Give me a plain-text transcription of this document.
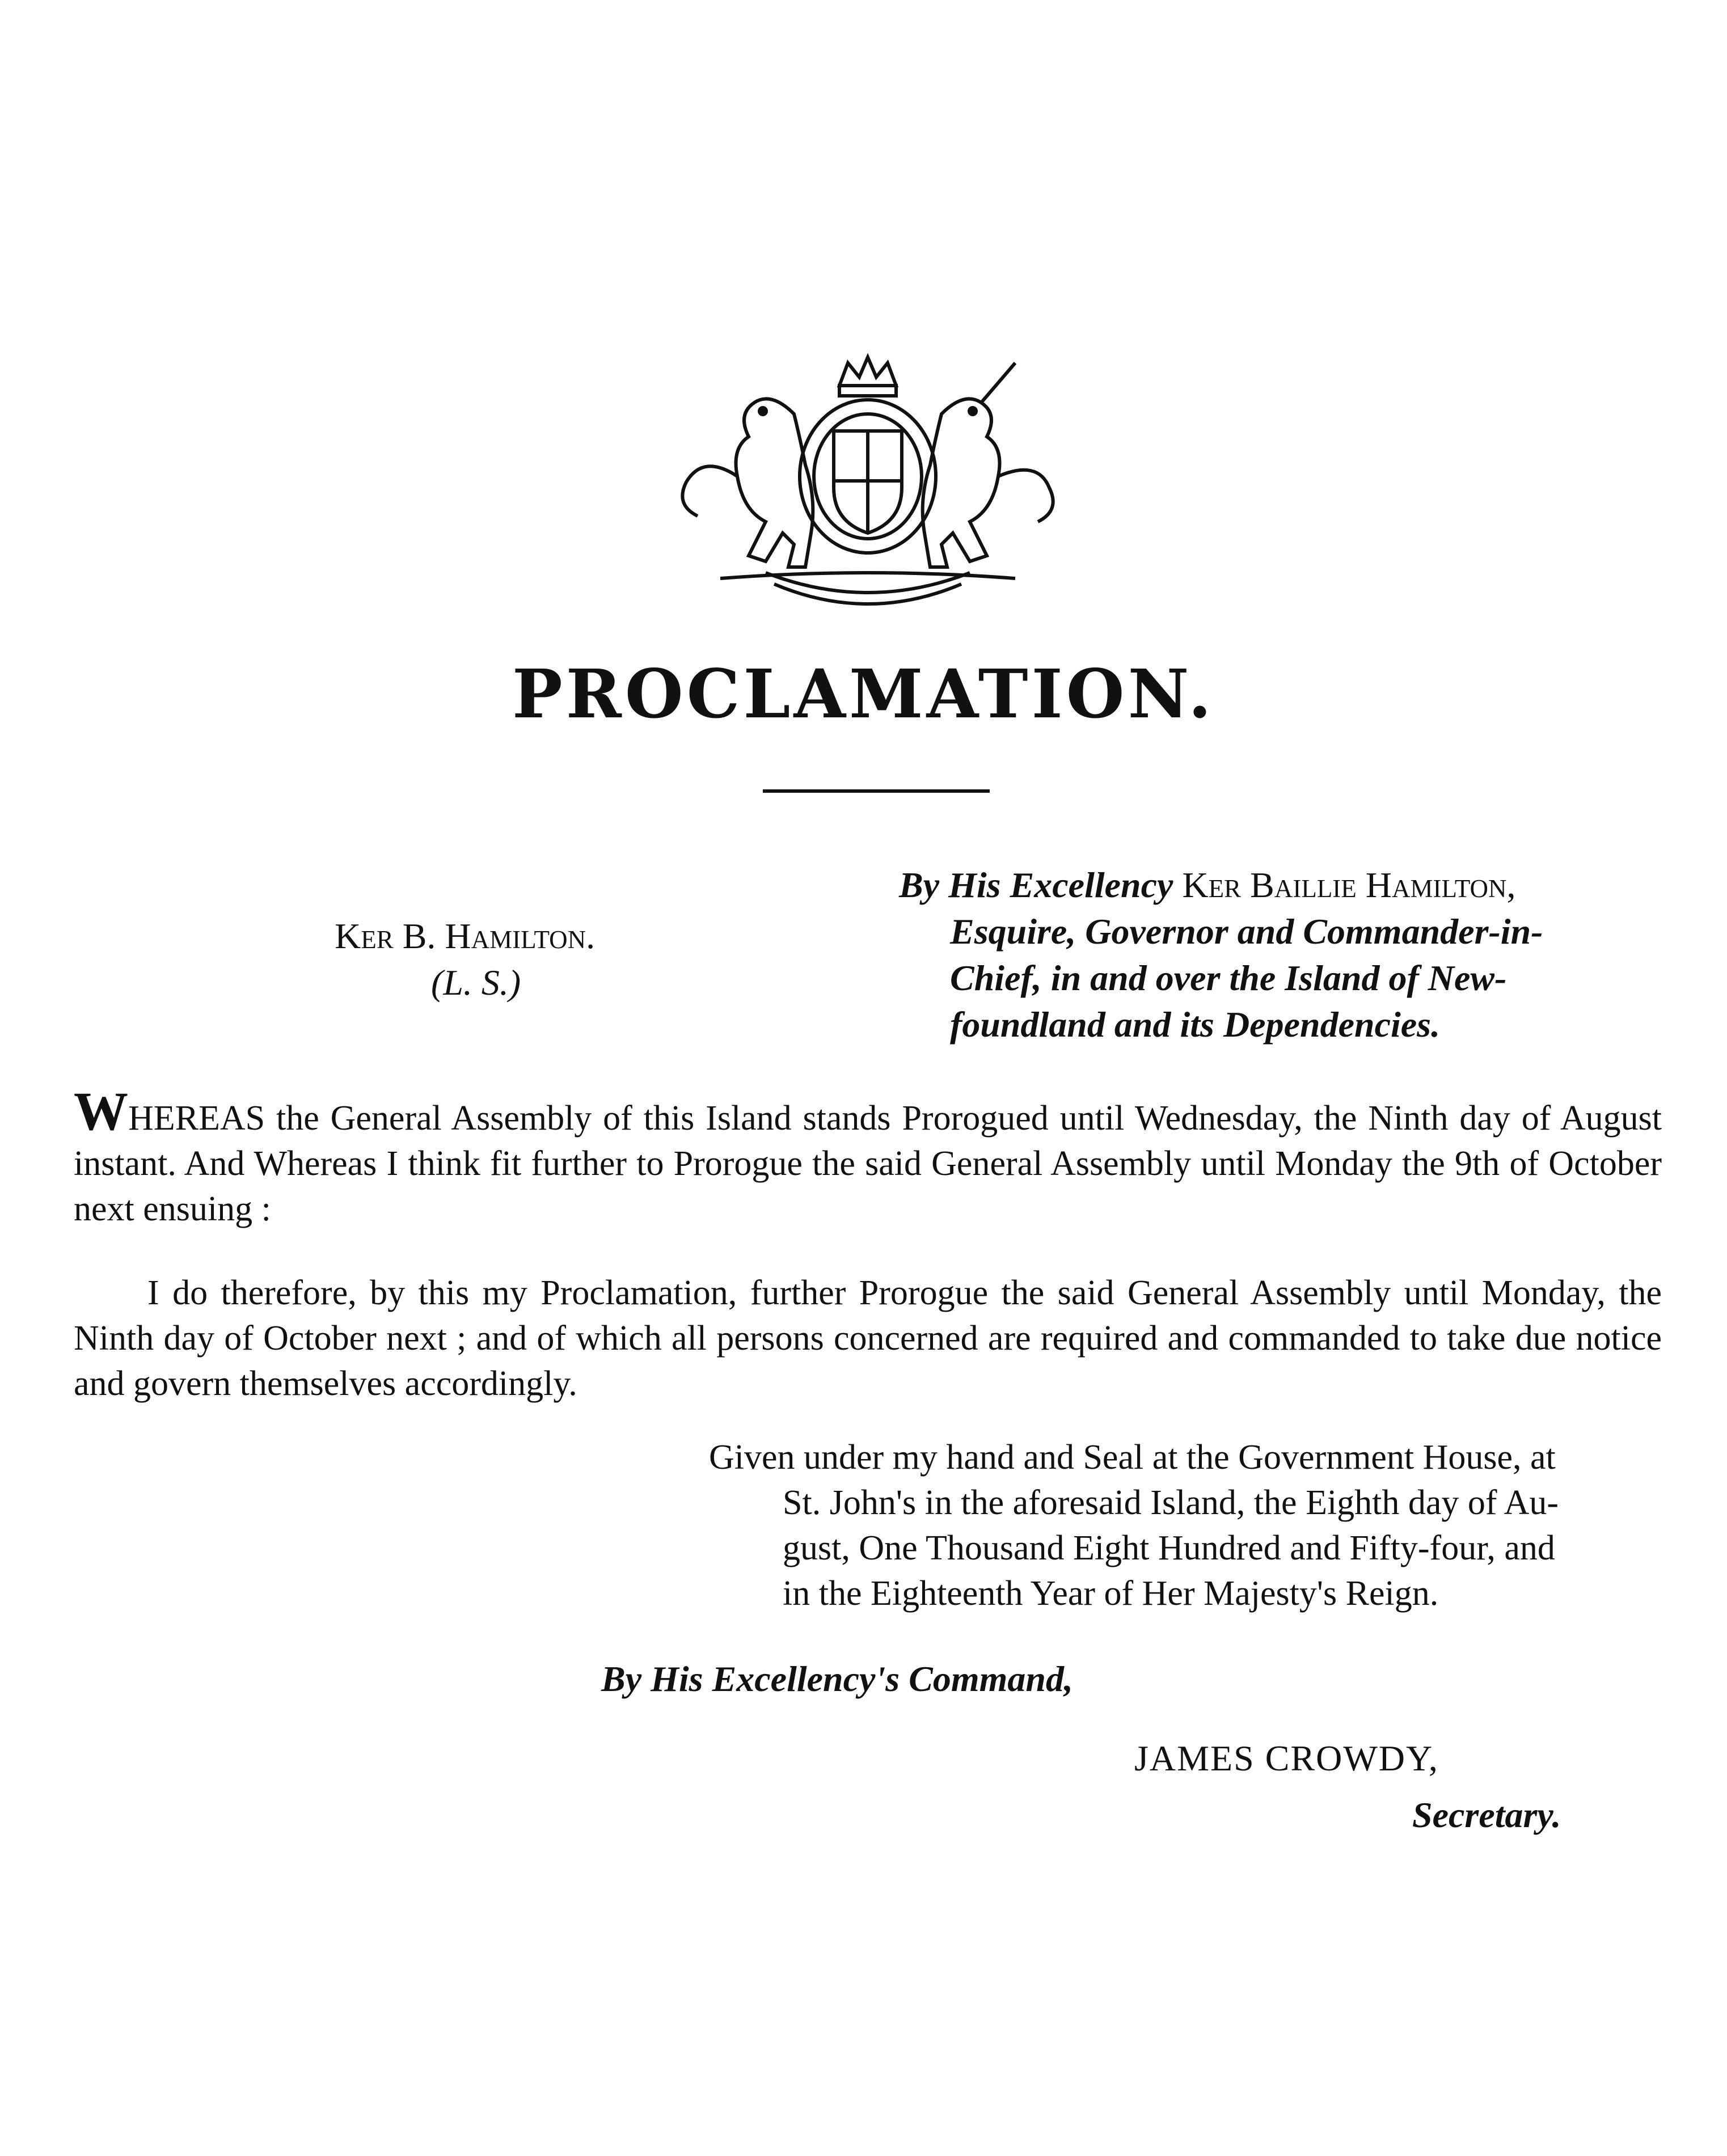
PROCLAMATION.
Ker B. Hamilton.
(L. S.)
By His Excellency Ker Baillie Hamilton,
Esquire, Governor and Commander-in-
Chief, in and over the Island of New-
foundland and its Dependencies.
WHEREAS the General Assembly of this Island stands Prorogued until Wednesday, the Ninth day of August instant. And Whereas I think fit further to Prorogue the said General Assembly until Monday the 9th of October next ensuing :
I do therefore, by this my Proclamation, further Prorogue the said General Assembly until Monday, the Ninth day of October next ; and of which all persons concerned are required and commanded to take due notice and govern themselves accordingly.
Given under my hand and Seal at the Government House, at
St. John's in the aforesaid Island, the Eighth day of Au-
gust, One Thousand Eight Hundred and Fifty-four, and
in the Eighteenth Year of Her Majesty's Reign.
By His Excellency's Command,
JAMES CROWDY,
Secretary.
